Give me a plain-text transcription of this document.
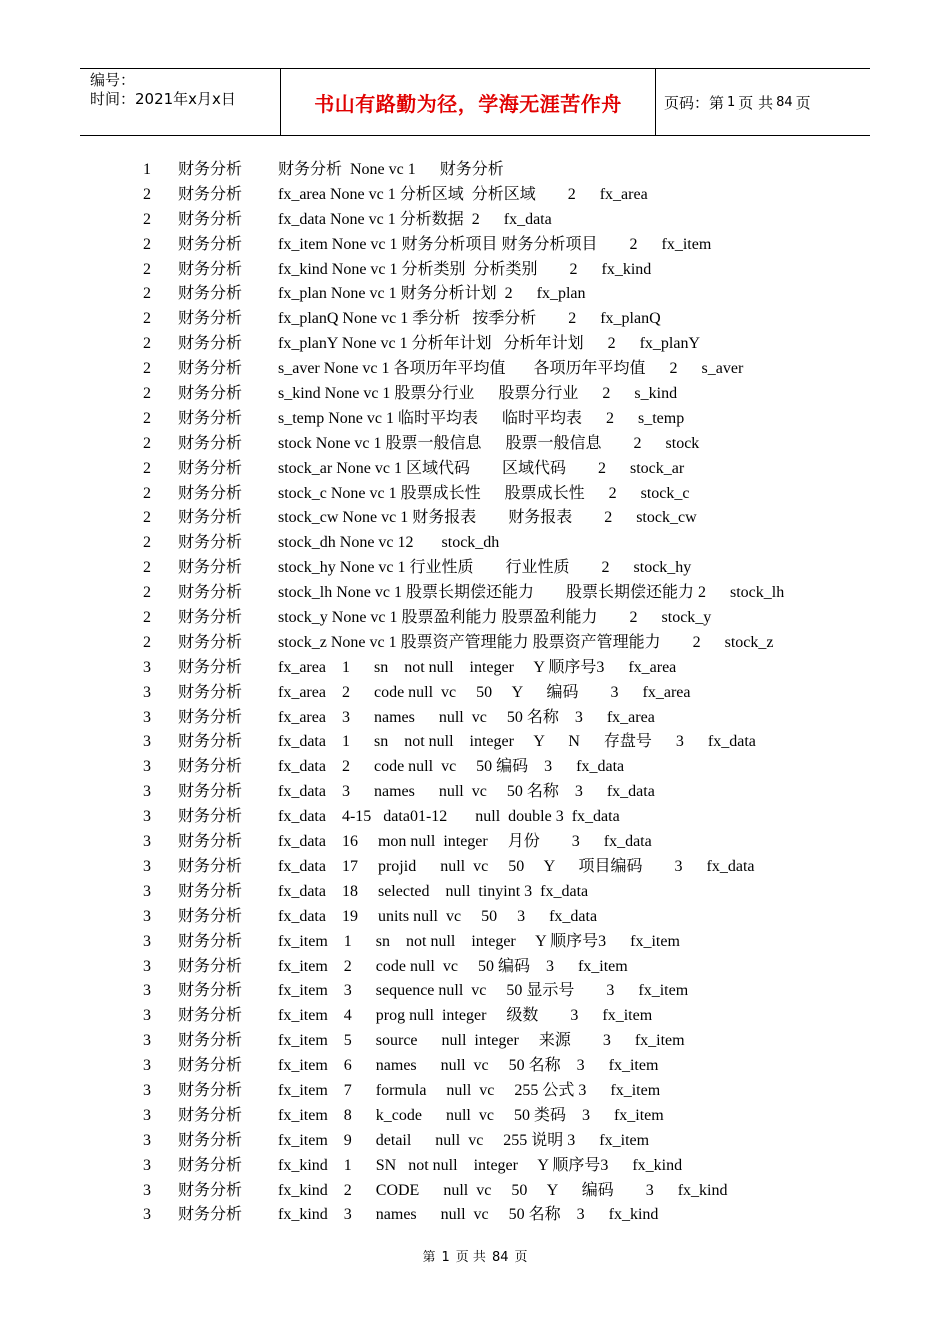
编号：
时间：2021年x月x日	书山有路勤为径，学海无涯苦作舟	页码：第 1 页 共 84 页
1 财务分析 财务分析  None vc 1      财务分析
2 财务分析 fx_area None vc 1 分析区域  分析区域        2      fx_area
2 财务分析 fx_data None vc 1 分析数据  2      fx_data
2 财务分析 fx_item None vc 1 财务分析项目 财务分析项目        2      fx_item
2 财务分析 fx_kind None vc 1 分析类别  分析类别        2      fx_kind
2 财务分析 fx_plan None vc 1 财务分析计划  2      fx_plan
2 财务分析 fx_planQ None vc 1 季分析   按季分析        2      fx_planQ
2 财务分析 fx_planY None vc 1 分析年计划   分析年计划      2      fx_planY
2 财务分析 s_aver None vc 1 各项历年平均值       各项历年平均值      2      s_aver
2 财务分析 s_kind None vc 1 股票分行业      股票分行业      2      s_kind
2 财务分析 s_temp None vc 1 临时平均表      临时平均表      2      s_temp
2 财务分析 stock None vc 1 股票一般信息      股票一般信息        2      stock
2 财务分析 stock_ar None vc 1 区域代码        区域代码        2      stock_ar
2 财务分析 stock_c None vc 1 股票成长性      股票成长性      2      stock_c
2 财务分析 stock_cw None vc 1 财务报表        财务报表        2      stock_cw
2 财务分析 stock_dh None vc 12       stock_dh
2 财务分析 stock_hy None vc 1 行业性质        行业性质        2      stock_hy
2 财务分析 stock_lh None vc 1 股票长期偿还能力        股票长期偿还能力 2      stock_lh
2 财务分析 stock_y None vc 1 股票盈利能力 股票盈利能力        2      stock_y
2 财务分析 stock_z None vc 1 股票资产管理能力 股票资产管理能力        2      stock_z
3 财务分析 fx_area    1      sn    not null    integer     Y 顺序号3      fx_area
3 财务分析 fx_area    2      code null  vc     50     Y      编码        3      fx_area
3 财务分析 fx_area    3      names      null  vc     50 名称    3      fx_area
3 财务分析 fx_data    1      sn    not null    integer     Y      N      存盘号      3      fx_data
3 财务分析 fx_data    2      code null  vc     50 编码    3      fx_data
3 财务分析 fx_data    3      names      null  vc     50 名称    3      fx_data
3 财务分析 fx_data    4-15   data01-12       null  double 3  fx_data
3 财务分析 fx_data    16     mon null  integer     月份        3      fx_data
3 财务分析 fx_data    17     projid      null  vc     50     Y      项目编码        3      fx_data
3 财务分析 fx_data    18     selected    null  tinyint 3  fx_data
3 财务分析 fx_data    19     units null  vc     50     3      fx_data
3 财务分析 fx_item    1      sn    not null    integer     Y 顺序号3      fx_item
3 财务分析 fx_item    2      code null  vc     50 编码    3      fx_item
3 财务分析 fx_item    3      sequence null  vc     50 显示号        3      fx_item
3 财务分析 fx_item    4      prog null  integer     级数        3      fx_item
3 财务分析 fx_item    5      source      null  integer     来源        3      fx_item
3 财务分析 fx_item    6      names      null  vc     50 名称    3      fx_item
3 财务分析 fx_item    7      formula     null  vc     255 公式 3      fx_item
3 财务分析 fx_item    8      k_code      null  vc     50 类码    3      fx_item
3 财务分析 fx_item    9      detail      null  vc     255 说明 3      fx_item
3 财务分析 fx_kind    1      SN   not null    integer     Y 顺序号3      fx_kind
3 财务分析 fx_kind    2      CODE      null  vc     50     Y      编码        3      fx_kind
3 财务分析 fx_kind    3      names      null  vc     50 名称    3      fx_kind
第 1 页 共 84 页
